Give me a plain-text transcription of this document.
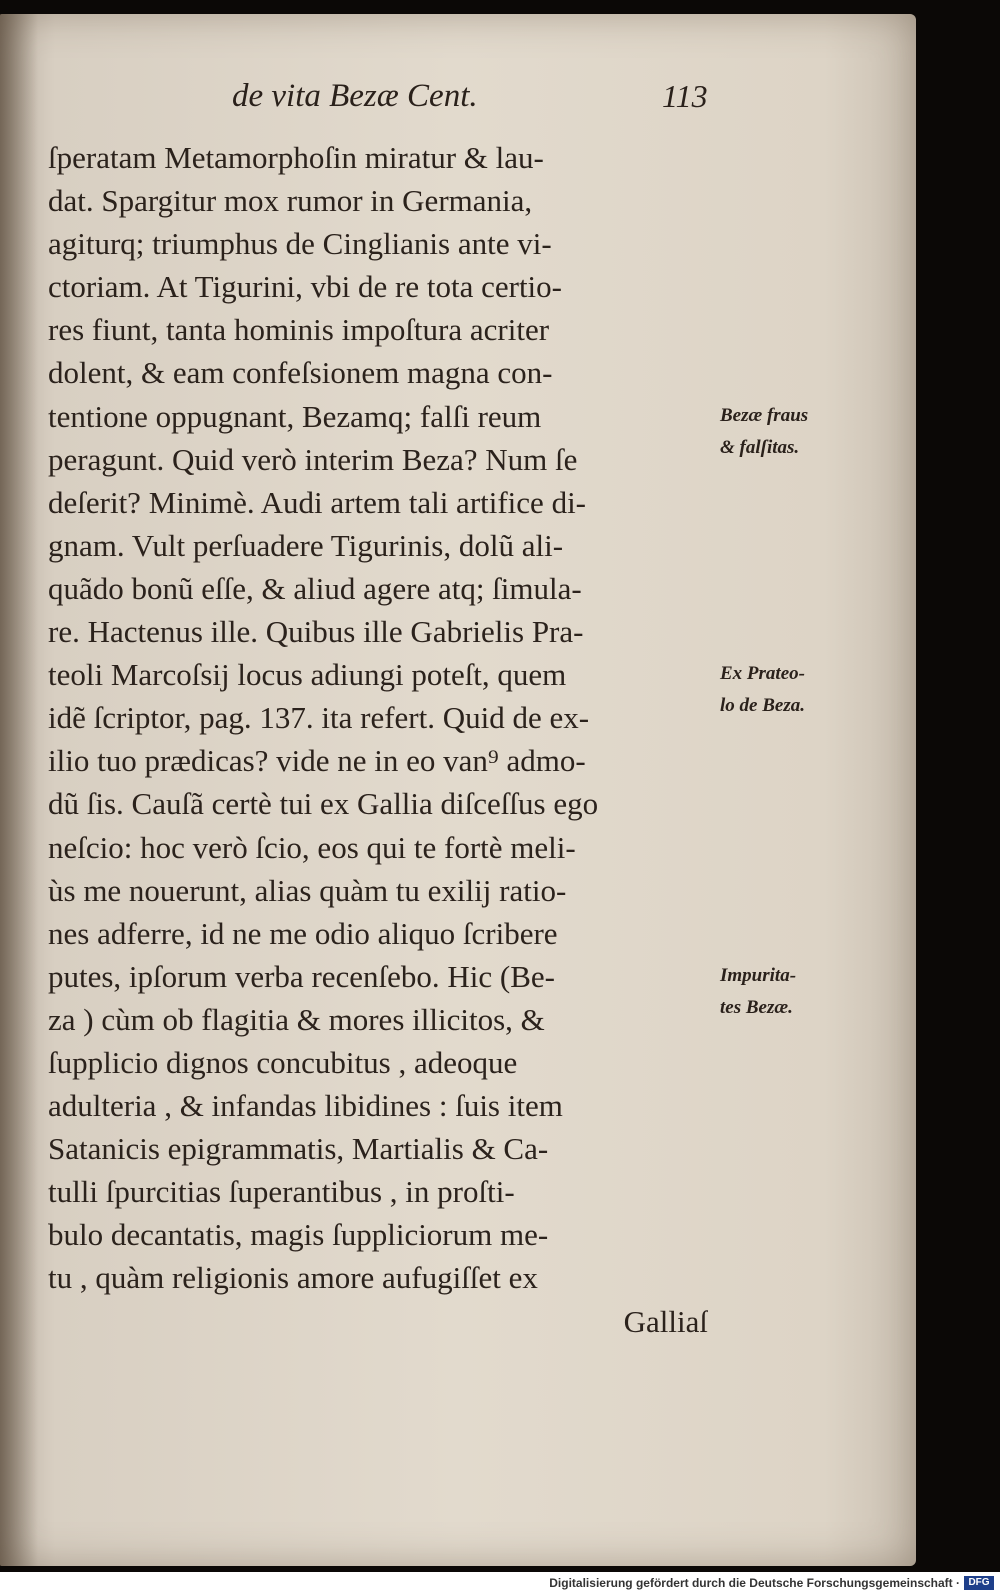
de vita Bezæ Cent.	113
ſperatam Metamorphoſin miratur & lau-
dat. Spargitur mox rumor in Germania,
agiturq; triumphus de Cinglianis ante vi-
ctoriam. At Tigurini, vbi de re tota certio-
res fiunt, tanta hominis impoſtura acriter
dolent, & eam confeſsionem magna con-
tentione oppugnant, Bezamq; falſi reum
peragunt. Quid verò interim Beza? Num ſe
deſerit? Minimè. Audi artem tali artifice di-
gnam. Vult perſuadere Tigurinis, dolũ ali-
quãdo bonũ eſſe, & aliud agere atq; ſimula-
re. Hactenus ille. Quibus ille Gabrielis Pra-
teoli Marcoſsij locus adiungi poteſt, quem
idẽ ſcriptor, pag. 137. ita refert. Quid de ex-
ilio tuo prædicas? vide ne in eo van⁹ admo-
dũ ſis. Cauſã certè tui ex Gallia diſceſſus ego
neſcio: hoc verò ſcio, eos qui te fortè meli-
ùs me nouerunt, alias quàm tu exilij ratio-
nes adferre, id ne me odio aliquo ſcribere
putes, ipſorum verba recenſebo. Hic (Be-
za ) cùm ob flagitia & mores illicitos, &
ſupplicio dignos concubitus , adeoque
adulteria , & infandas libidines : ſuis item
Satanicis epigrammatis, Martialis & Ca-
tulli ſpurcitias ſuperantibus , in proſti-
bulo decantatis, magis ſuppliciorum me-
tu , quàm religionis amore aufugiſſet ex
Galliaſ
Bezæ fraus
& falſitas.
Ex Prateo-
lo de Beza.
Impurita-
tes Bezæ.
Digitalisierung gefördert durch die Deutsche Forschungsgemeinschaft · DFG
